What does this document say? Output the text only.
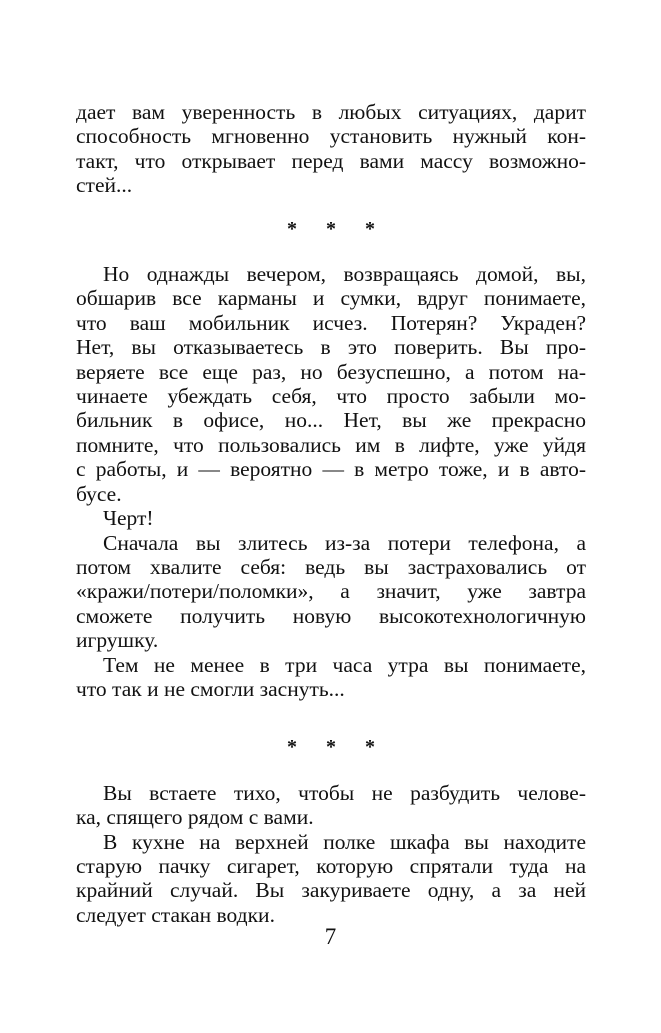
дает вам уверенность в любых ситуациях, дарит
способность мгновенно установить нужный кон-
такт, что открывает перед вами массу возможно-
стей...

* * *

Но однажды вечером, возвращаясь домой, вы,
обшарив все карманы и сумки, вдруг понимаете,
что ваш мобильник исчез. Потерян? Украден?
Нет, вы отказываетесь в это поверить. Вы про-
веряете все еще раз, но безуспешно, а потом на-
чинаете убеждать себя, что просто забыли мо-
бильник в офисе, но... Нет, вы же прекрасно
помните, что пользовались им в лифте, уже уйдя
с работы, и — вероятно — в метро тоже, и в авто-
бусе.

Черт!

Сначала вы злитесь из-за потери телефона, а
потом хвалите себя: ведь вы застраховались от
«кражи/потери/поломки», а значит, уже завтра
сможете получить новую высокотехнологичную
игрушку.

Тем не менее в три часа утра вы понимаете,
что так и не смогли заснуть...

* * *

Вы встаете тихо, чтобы не разбудить челове-
ка, спящего рядом с вами.

В кухне на верхней полке шкафа вы находите
старую пачку сигарет, которую спрятали туда на
крайний случай. Вы закуриваете одну, а за ней
следует стакан водки.

7
